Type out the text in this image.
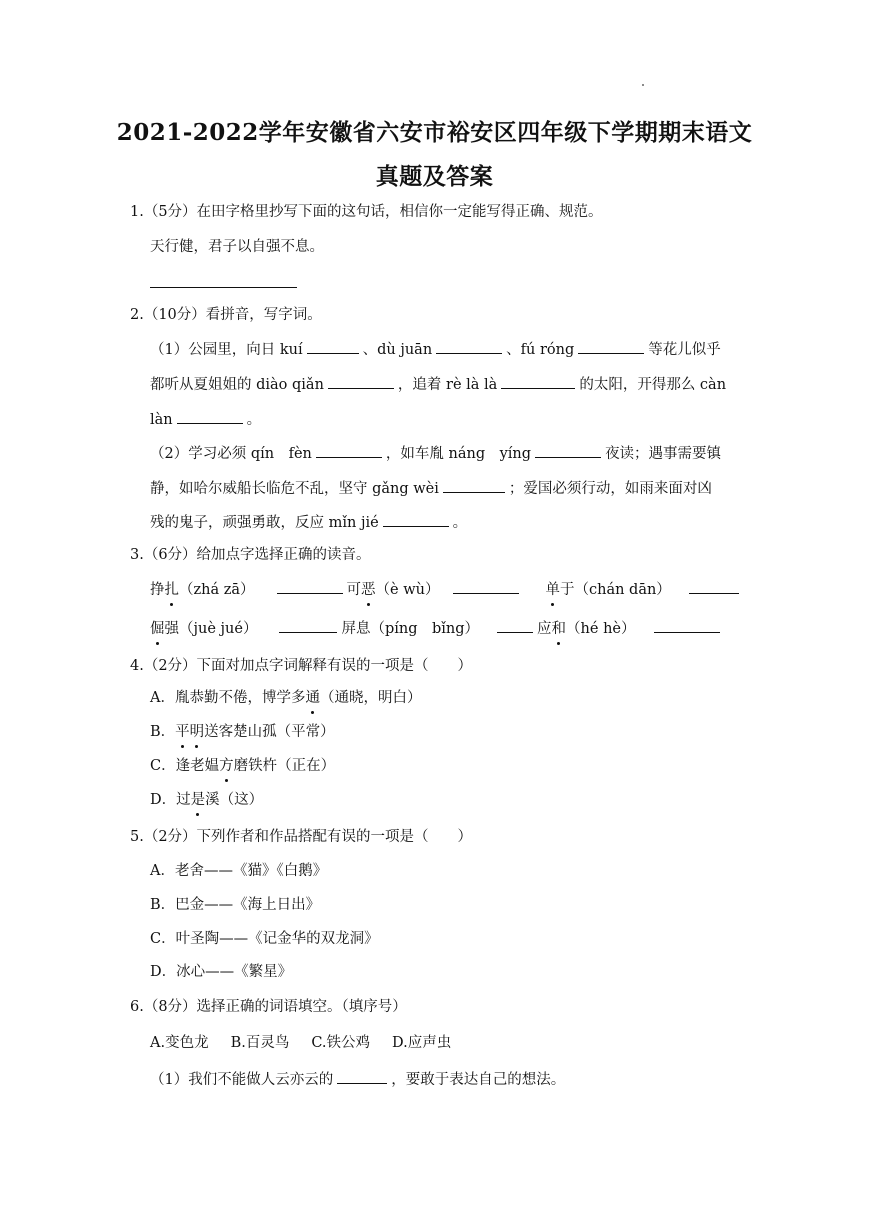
2021-2022学年安徽省六安市裕安区四年级下学期期末语文
真题及答案
1.（5分）在田字格里抄写下面的这句话，相信你一定能写得正确、规范。
天行健，君子以自强不息。
2.（10分）看拼音，写字词。
（1）公园里，向日 kuí	、dù juān	、fú róng	等花儿似乎
都听从夏姐姐的 diào qiǎn	，追着 rè là là	的太阳，开得那么 càn
làn	。
（2）学习必须 qín　fèn	，如车胤 náng　yíng	夜读；遇事需要镇
静，如哈尔威船长临危不乱，坚守 gǎng wèi	；爱国必须行动，如雨来面对凶
残的鬼子，顽强勇敢，反应 mǐn jié	。
3.（6分）给加点字选择正确的读音。
挣扎（zhá zā）	可恶（è wù）	单于（chán dān）
倔强（juè jué）	屏息（píng　bǐng）	应和（hé hè）
4.（2分）下面对加点字词解释有误的一项是（　　）
A．胤恭勤不倦，博学多通（通晓，明白）
B．平明送客楚山孤（平常）
C．逢老媪方磨铁杵（正在）
D．过是溪（这）
5.（2分）下列作者和作品搭配有误的一项是（　　）
A．老舍——《猫》《白鹅》
B．巴金——《海上日出》
C．叶圣陶——《记金华的双龙洞》
D．冰心——《繁星》
6.（8分）选择正确的词语填空。（填序号）
A.变色龙 B.百灵鸟 C.铁公鸡 D.应声虫
（1）我们不能做人云亦云的	，要敢于表达自己的想法。
